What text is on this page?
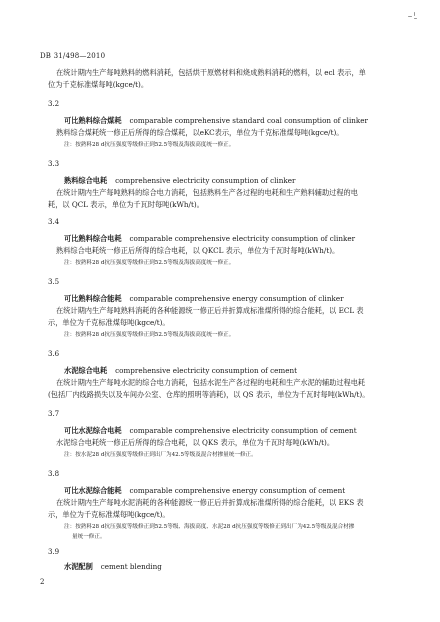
DB 31/498—2010
在统计期内生产每吨熟料的燃料消耗，包括烘干原燃材料和烧成熟料消耗的燃料，以 ecl 表示，单
位为千克标准煤每吨(kgce/t)。
3.2
可比熟料综合煤耗 comparable comprehensive standard coal consumption of clinker
熟料综合煤耗统一修正后所得的综合煤耗，以eKC表示，单位为千克标准煤每吨(kgce/t)。
注：按熟料28 d抗压强度等级修正到52.5等级及海拔高度统一修正。
3.3
熟料综合电耗 comprehensive electricity consumption of clinker
在统计期内生产每吨熟料的综合电力消耗，包括熟料生产各过程的电耗和生产熟料辅助过程的电
耗，以 QCL 表示，单位为千瓦时每吨(kWh/t)。
3.4
可比熟料综合电耗 comparable comprehensive electricity consumption of clinker
熟料综合电耗统一修正后所得的综合电耗，以 QKCL 表示，单位为千瓦时每吨(kWh/t)。
注：按熟料28 d抗压强度等级修正到52.5等级及海拔高度统一修正。
3.5
可比熟料综合能耗 comparable comprehensive energy consumption of clinker
在统计期内生产每吨熟料消耗的各种能源统一修正后并折算成标准煤所得的综合能耗，以 ECL 表
示，单位为千克标准煤每吨(kgce/t)。
注：按熟料28 d抗压强度等级修正到52.5等级及海拔高度统一修正。
3.6
水泥综合电耗 comprehensive electricity consumption of cement
在统计期内生产每吨水泥的综合电力消耗，包括水泥生产各过程的电耗和生产水泥的辅助过程电耗
(包括厂内线路损失以及车间办公室、仓库的照明等消耗)，以 QS 表示，单位为千瓦时每吨(kWh/t)。
3.7
可比水泥综合电耗 comparable comprehensive electricity consumption of cement
水泥综合电耗统一修正后所得的综合电耗，以 QKS 表示，单位为千瓦时每吨(kWh/t)。
注：按水泥28 d抗压强度等级修正到出厂为42.5等级及混合材掺量统一修正。
3.8
可比水泥综合能耗 comparable comprehensive energy consumption of cement
在统计期内生产每吨水泥消耗的各种能源统一修正后并折算成标准煤所得的综合能耗，以 EKS 表
示，单位为千克标准煤每吨(kgce/t)。
注：按熟料28 d抗压强度等级修正到52.5等级、海拔高度、水泥28 d抗压强度等级修正到出厂为42.5等级及混合材掺
量统一修正。
3.9
水泥配制 cement blending
2
